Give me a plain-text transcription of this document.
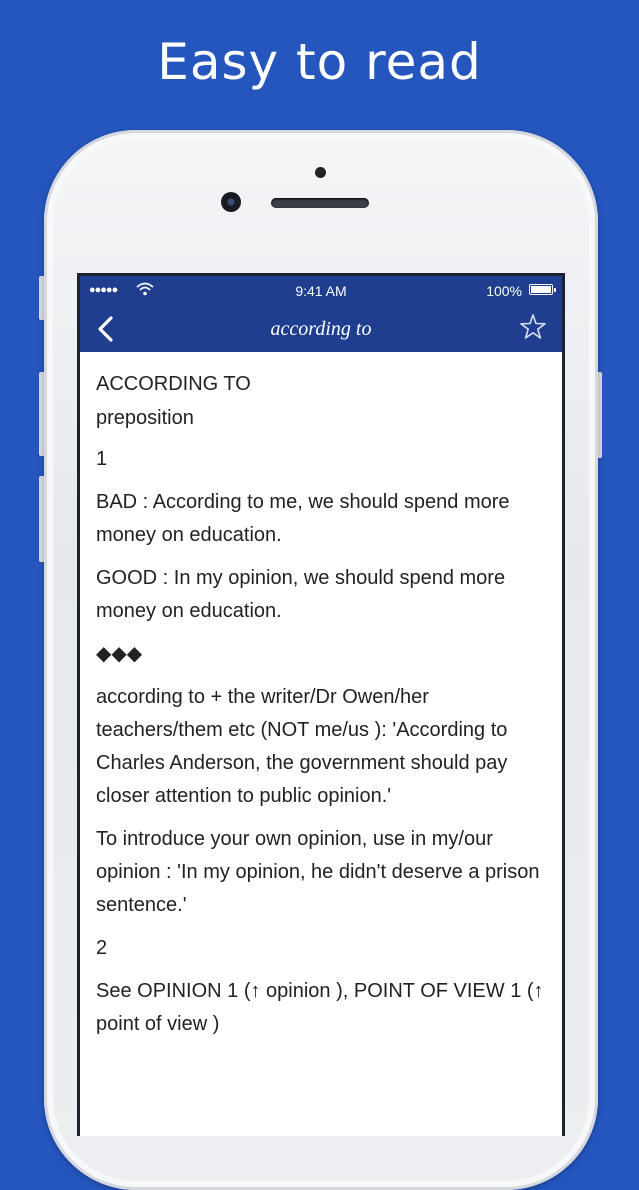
Easy to read
●●●●●	9:41 AM	100%
according to

ACCORDING TO

preposition

1

BAD : According to me, we should spend more money on education.

GOOD : In my opinion, we should spend more money on education.

◆◆◆

according to + the writer/Dr Owen/her teachers/them etc (NOT me/us ): 'According to Charles Anderson, the government should pay closer attention to public opinion.'

To introduce your own opinion, use in my/our opinion : 'In my opinion, he didn't deserve a prison sentence.'

2

See OPINION 1 (↑ opinion ), POINT OF VIEW 1 (↑ point of view )
